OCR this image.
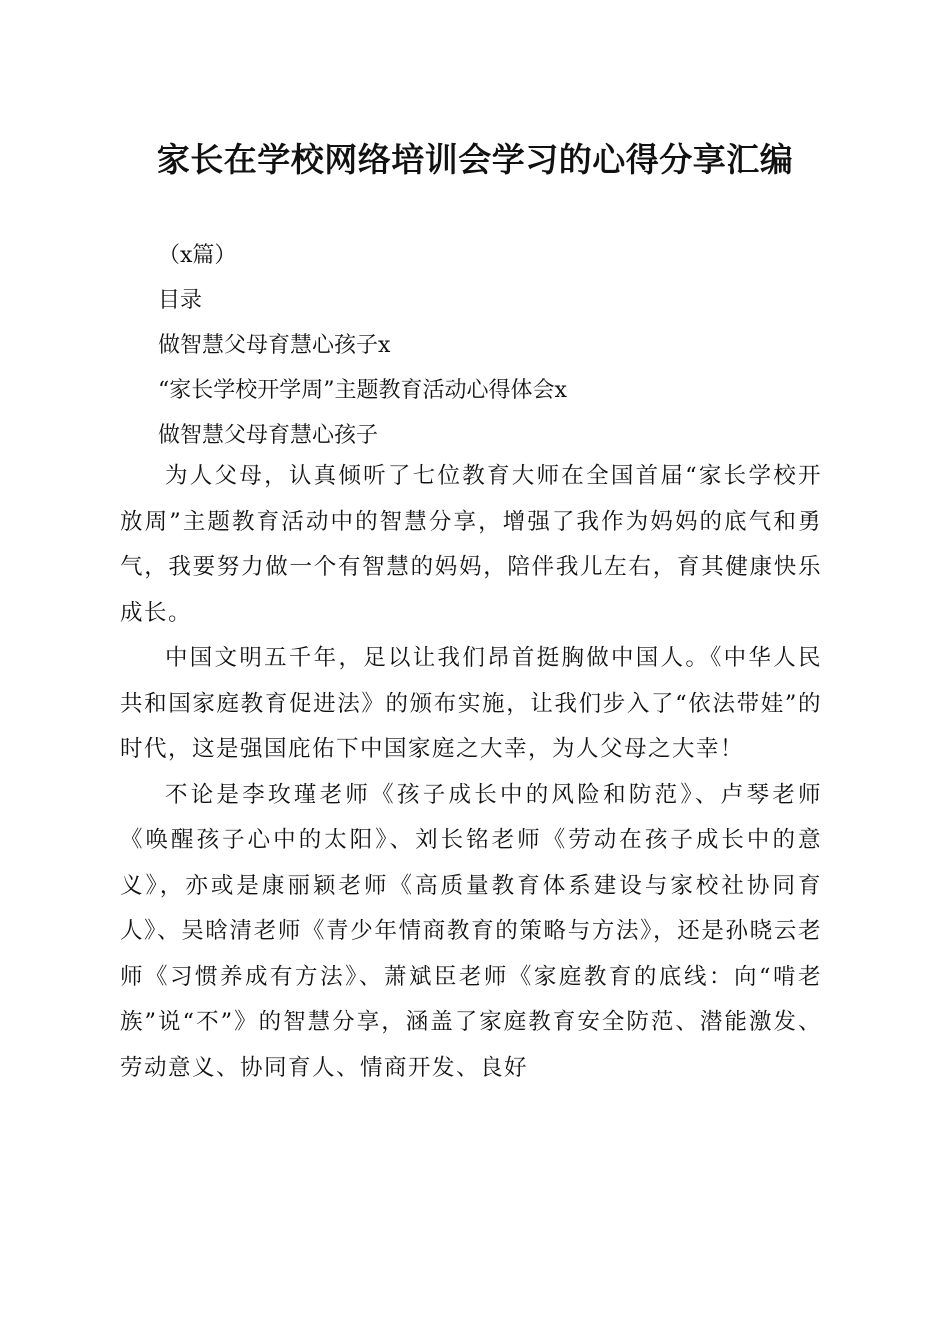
家长在学校网络培训会学习的心得分享汇编
（x篇）
目录
做智慧父母育慧心孩子x
“家长学校开学周”主题教育活动心得体会x
做智慧父母育慧心孩子

为人父母，认真倾听了七位教育大师在全国首届“家长学校开放周”主题教育活动中的智慧分享，增强了我作为妈妈的底气和勇气，我要努力做一个有智慧的妈妈，陪伴我儿左右，育其健康快乐成长。

中国文明五千年，足以让我们昂首挺胸做中国人。《中华人民共和国家庭教育促进法》的颁布实施，让我们步入了“依法带娃”的时代，这是强国庇佑下中国家庭之大幸，为人父母之大幸！

不论是李玫瑾老师《孩子成长中的风险和防范》、卢琴老师《唤醒孩子心中的太阳》、刘长铭老师《劳动在孩子成长中的意义》，亦或是康丽颖老师《高质量教育体系建设与家校社协同育人》、吴晗清老师《青少年情商教育的策略与方法》，还是孙晓云老师《习惯养成有方法》、萧斌臣老师《家庭教育的底线：向“啃老族”说“不”》的智慧分享，涵盖了家庭教育安全防范、潜能激发、劳动意义、协同育人、情商开发、良好
